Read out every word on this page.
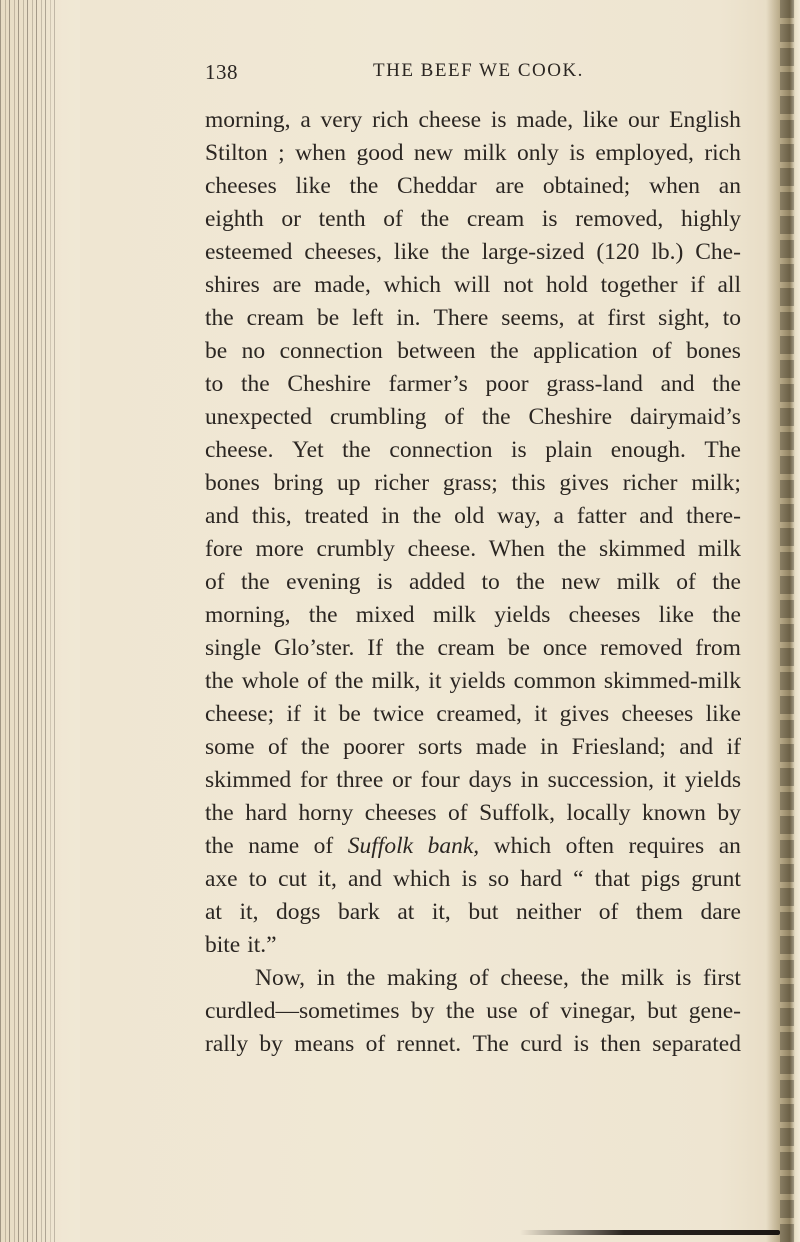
138	THE BEEF WE COOK.
morning, a very rich cheese is made, like our English
Stilton ; when good new milk only is employed, rich
cheeses like the Cheddar are obtained; when an
eighth or tenth of the cream is removed, highly
esteemed cheeses, like the large-sized (120 lb.) Che-
shires are made, which will not hold together if all
the cream be left in. There seems, at first sight, to
be no connection between the application of bones
to the Cheshire farmer’s poor grass-land and the
unexpected crumbling of the Cheshire dairymaid’s
cheese. Yet the connection is plain enough. The
bones bring up richer grass; this gives richer milk;
and this, treated in the old way, a fatter and there-
fore more crumbly cheese. When the skimmed milk
of the evening is added to the new milk of the
morning, the mixed milk yields cheeses like the
single Glo’ster. If the cream be once removed from
the whole of the milk, it yields common skimmed-milk
cheese; if it be twice creamed, it gives cheeses like
some of the poorer sorts made in Friesland; and if
skimmed for three or four days in succession, it yields
the hard horny cheeses of Suffolk, locally known by
the name of Suffolk bank, which often requires an
axe to cut it, and which is so hard “ that pigs grunt
at it, dogs bark at it, but neither of them dare
bite it.”
Now, in the making of cheese, the milk is first
curdled—sometimes by the use of vinegar, but gene-
rally by means of rennet. The curd is then separated
